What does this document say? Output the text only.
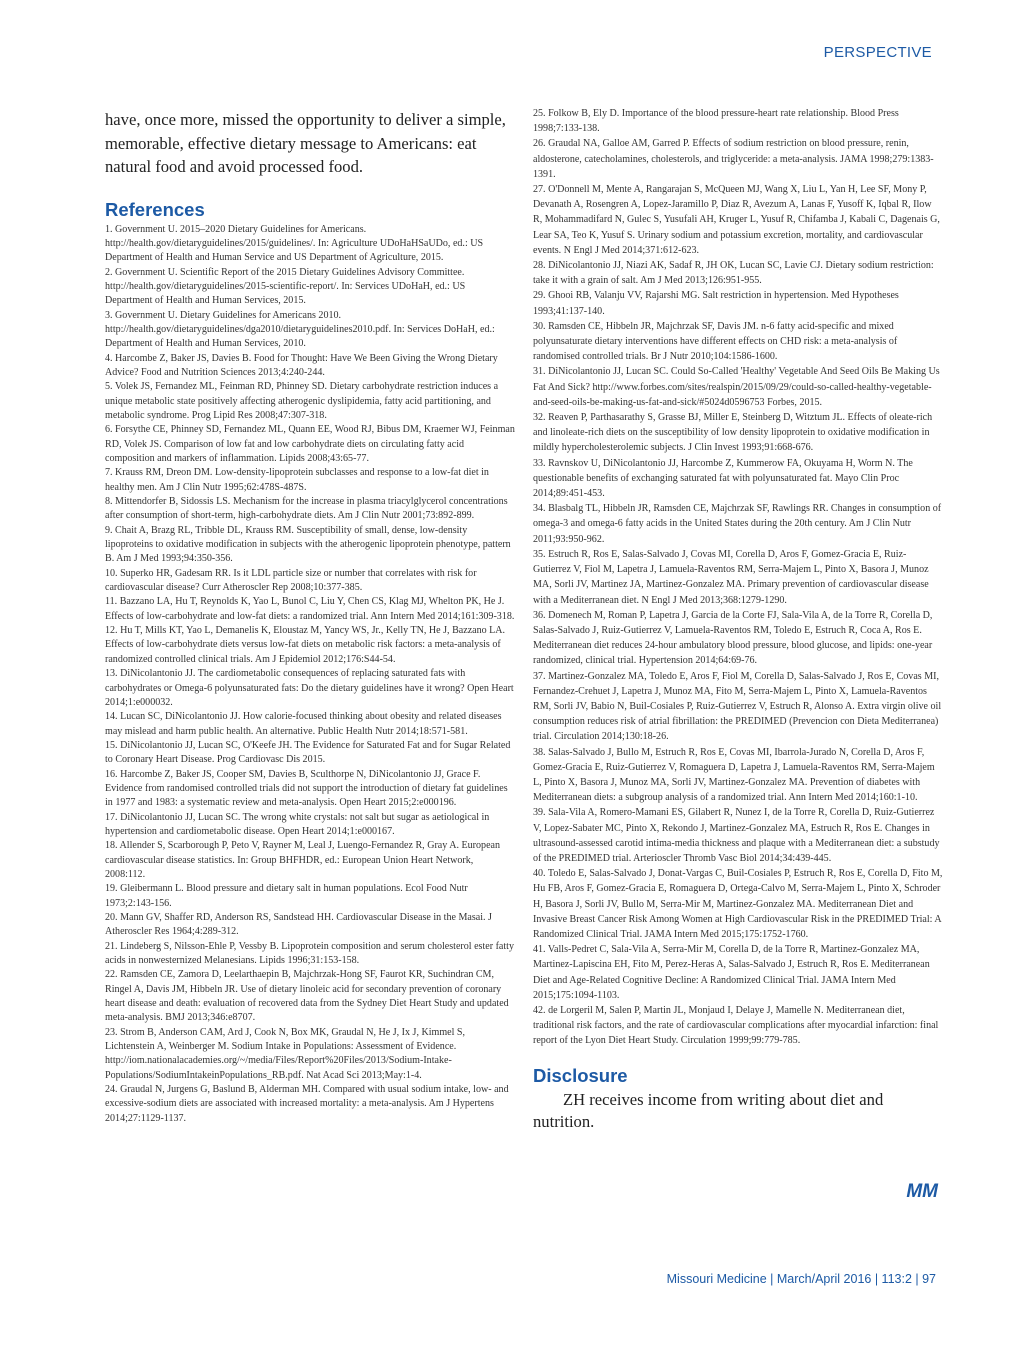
PERSPECTIVE

have, once more, missed the opportunity to deliver a simple, memorable, effective dietary message to Americans: eat natural food and avoid processed food.

References
1. Government U. 2015–2020 Dietary Guidelines for Americans. http://health.gov/dietaryguidelines/2015/guidelines/. In: Agriculture UDoHaHSaUDo, ed.: US Department of Health and Human Service and US Department of Agriculture, 2015.
2. Government U. Scientific Report of the 2015 Dietary Guidelines Advisory Committee. http://health.gov/dietaryguidelines/2015-scientific-report/. In: Services UDoHaH, ed.: US Department of Health and Human Services, 2015.
3. Government U. Dietary Guidelines for Americans 2010. http://health.gov/dietaryguidelines/dga2010/dietaryguidelines2010.pdf. In: Services DoHaH, ed.: Department of Health and Human Services, 2010.
4. Harcombe Z, Baker JS, Davies B. Food for Thought: Have We Been Giving the Wrong Dietary Advice? Food and Nutrition Sciences 2013;4:240-244.
5. Volek JS, Fernandez ML, Feinman RD, Phinney SD. Dietary carbohydrate restriction induces a unique metabolic state positively affecting atherogenic dyslipidemia, fatty acid partitioning, and metabolic syndrome. Prog Lipid Res 2008;47:307-318.
6. Forsythe CE, Phinney SD, Fernandez ML, Quann EE, Wood RJ, Bibus DM, Kraemer WJ, Feinman RD, Volek JS. Comparison of low fat and low carbohydrate diets on circulating fatty acid composition and markers of inflammation. Lipids 2008;43:65-77.
7. Krauss RM, Dreon DM. Low-density-lipoprotein subclasses and response to a low-fat diet in healthy men. Am J Clin Nutr 1995;62:478S-487S.
8. Mittendorfer B, Sidossis LS. Mechanism for the increase in plasma triacylglycerol concentrations after consumption of short-term, high-carbohydrate diets. Am J Clin Nutr 2001;73:892-899.
9. Chait A, Brazg RL, Tribble DL, Krauss RM. Susceptibility of small, dense, low-density lipoproteins to oxidative modification in subjects with the atherogenic lipoprotein phenotype, pattern B. Am J Med 1993;94:350-356.
10. Superko HR, Gadesam RR. Is it LDL particle size or number that correlates with risk for cardiovascular disease? Curr Atheroscler Rep 2008;10:377-385.
11. Bazzano LA, Hu T, Reynolds K, Yao L, Bunol C, Liu Y, Chen CS, Klag MJ, Whelton PK, He J. Effects of low-carbohydrate and low-fat diets: a randomized trial. Ann Intern Med 2014;161:309-318.
12. Hu T, Mills KT, Yao L, Demanelis K, Eloustaz M, Yancy WS, Jr., Kelly TN, He J, Bazzano LA. Effects of low-carbohydrate diets versus low-fat diets on metabolic risk factors: a meta-analysis of randomized controlled clinical trials. Am J Epidemiol 2012;176:S44-54.
13. DiNicolantonio JJ. The cardiometabolic consequences of replacing saturated fats with carbohydrates or Omega-6 polyunsaturated fats: Do the dietary guidelines have it wrong? Open Heart 2014;1:e000032.
14. Lucan SC, DiNicolantonio JJ. How calorie-focused thinking about obesity and related diseases may mislead and harm public health. An alternative. Public Health Nutr 2014;18:571-581.
15. DiNicolantonio JJ, Lucan SC, O'Keefe JH. The Evidence for Saturated Fat and for Sugar Related to Coronary Heart Disease. Prog Cardiovasc Dis 2015.
16. Harcombe Z, Baker JS, Cooper SM, Davies B, Sculthorpe N, DiNicolantonio JJ, Grace F. Evidence from randomised controlled trials did not support the introduction of dietary fat guidelines in 1977 and 1983: a systematic review and meta-analysis. Open Heart 2015;2:e000196.
17. DiNicolantonio JJ, Lucan SC. The wrong white crystals: not salt but sugar as aetiological in hypertension and cardiometabolic disease. Open Heart 2014;1:e000167.
18. Allender S, Scarborough P, Peto V, Rayner M, Leal J, Luengo-Fernandez R, Gray A. European cardiovascular disease statistics. In: Group BHFHDR, ed.: European Union Heart Network, 2008:112.
19. Gleibermann L. Blood pressure and dietary salt in human populations. Ecol Food Nutr 1973;2:143-156.
20. Mann GV, Shaffer RD, Anderson RS, Sandstead HH. Cardiovascular Disease in the Masai. J Atheroscler Res 1964;4:289-312.
21. Lindeberg S, Nilsson-Ehle P, Vessby B. Lipoprotein composition and serum cholesterol ester fatty acids in nonwesternized Melanesians. Lipids 1996;31:153-158.
22. Ramsden CE, Zamora D, Leelarthaepin B, Majchrzak-Hong SF, Faurot KR, Suchindran CM, Ringel A, Davis JM, Hibbeln JR. Use of dietary linoleic acid for secondary prevention of coronary heart disease and death: evaluation of recovered data from the Sydney Diet Heart Study and updated meta-analysis. BMJ 2013;346:e8707.
23. Strom B, Anderson CAM, Ard J, Cook N, Box MK, Graudal N, He J, Ix J, Kimmel S, Lichtenstein A, Weinberger M. Sodium Intake in Populations: Assessment of Evidence. http://iom.nationalacademies.org/~/media/Files/Report%20Files/2013/Sodium-Intake-Populations/SodiumIntakeinPopulations_RB.pdf. Nat Acad Sci 2013;May:1-4.
24. Graudal N, Jurgens G, Baslund B, Alderman MH. Compared with usual sodium intake, low- and excessive-sodium diets are associated with increased mortality: a meta-analysis. Am J Hypertens 2014;27:1129-1137.
25. Folkow B, Ely D. Importance of the blood pressure-heart rate relationship. Blood Press 1998;7:133-138.
26. Graudal NA, Galloe AM, Garred P. Effects of sodium restriction on blood pressure, renin, aldosterone, catecholamines, cholesterols, and triglyceride: a meta-analysis. JAMA 1998;279:1383-1391.
27. O'Donnell M, Mente A, Rangarajan S, McQueen MJ, Wang X, Liu L, Yan H, Lee SF, Mony P, Devanath A, Rosengren A, Lopez-Jaramillo P, Diaz R, Avezum A, Lanas F, Yusoff K, Iqbal R, Ilow R, Mohammadifard N, Gulec S, Yusufali AH, Kruger L, Yusuf R, Chifamba J, Kabali C, Dagenais G, Lear SA, Teo K, Yusuf S. Urinary sodium and potassium excretion, mortality, and cardiovascular events. N Engl J Med 2014;371:612-623.
28. DiNicolantonio JJ, Niazi AK, Sadaf R, JH OK, Lucan SC, Lavie CJ. Dietary sodium restriction: take it with a grain of salt. Am J Med 2013;126:951-955.
29. Ghooi RB, Valanju VV, Rajarshi MG. Salt restriction in hypertension. Med Hypotheses 1993;41:137-140.
30. Ramsden CE, Hibbeln JR, Majchrzak SF, Davis JM. n-6 fatty acid-specific and mixed polyunsaturate dietary interventions have different effects on CHD risk: a meta-analysis of randomised controlled trials. Br J Nutr 2010;104:1586-1600.
31. DiNicolantonio JJ, Lucan SC. Could So-Called 'Healthy' Vegetable And Seed Oils Be Making Us Fat And Sick? http://www.forbes.com/sites/realspin/2015/09/29/could-so-called-healthy-vegetable-and-seed-oils-be-making-us-fat-and-sick/#5024d0596753 Forbes, 2015.
32. Reaven P, Parthasarathy S, Grasse BJ, Miller E, Steinberg D, Witztum JL. Effects of oleate-rich and linoleate-rich diets on the susceptibility of low density lipoprotein to oxidative modification in mildly hypercholesterolemic subjects. J Clin Invest 1993;91:668-676.
33. Ravnskov U, DiNicolantonio JJ, Harcombe Z, Kummerow FA, Okuyama H, Worm N. The questionable benefits of exchanging saturated fat with polyunsaturated fat. Mayo Clin Proc 2014;89:451-453.
34. Blasbalg TL, Hibbeln JR, Ramsden CE, Majchrzak SF, Rawlings RR. Changes in consumption of omega-3 and omega-6 fatty acids in the United States during the 20th century. Am J Clin Nutr 2011;93:950-962.
35. Estruch R, Ros E, Salas-Salvado J, Covas MI, Corella D, Aros F, Gomez-Gracia E, Ruiz-Gutierrez V, Fiol M, Lapetra J, Lamuela-Raventos RM, Serra-Majem L, Pinto X, Basora J, Munoz MA, Sorli JV, Martinez JA, Martinez-Gonzalez MA. Primary prevention of cardiovascular disease with a Mediterranean diet. N Engl J Med 2013;368:1279-1290.
36. Domenech M, Roman P, Lapetra J, Garcia de la Corte FJ, Sala-Vila A, de la Torre R, Corella D, Salas-Salvado J, Ruiz-Gutierrez V, Lamuela-Raventos RM, Toledo E, Estruch R, Coca A, Ros E. Mediterranean diet reduces 24-hour ambulatory blood pressure, blood glucose, and lipids: one-year randomized, clinical trial. Hypertension 2014;64:69-76.
37. Martinez-Gonzalez MA, Toledo E, Aros F, Fiol M, Corella D, Salas-Salvado J, Ros E, Covas MI, Fernandez-Crehuet J, Lapetra J, Munoz MA, Fito M, Serra-Majem L, Pinto X, Lamuela-Raventos RM, Sorli JV, Babio N, Buil-Cosiales P, Ruiz-Gutierrez V, Estruch R, Alonso A. Extra virgin olive oil consumption reduces risk of atrial fibrillation: the PREDIMED (Prevencion con Dieta Mediterranea) trial. Circulation 2014;130:18-26.
38. Salas-Salvado J, Bullo M, Estruch R, Ros E, Covas MI, Ibarrola-Jurado N, Corella D, Aros F, Gomez-Gracia E, Ruiz-Gutierrez V, Romaguera D, Lapetra J, Lamuela-Raventos RM, Serra-Majem L, Pinto X, Basora J, Munoz MA, Sorli JV, Martinez-Gonzalez MA. Prevention of diabetes with Mediterranean diets: a subgroup analysis of a randomized trial. Ann Intern Med 2014;160:1-10.
39. Sala-Vila A, Romero-Mamani ES, Gilabert R, Nunez I, de la Torre R, Corella D, Ruiz-Gutierrez V, Lopez-Sabater MC, Pinto X, Rekondo J, Martinez-Gonzalez MA, Estruch R, Ros E. Changes in ultrasound-assessed carotid intima-media thickness and plaque with a Mediterranean diet: a substudy of the PREDIMED trial. Arterioscler Thromb Vasc Biol 2014;34:439-445.
40. Toledo E, Salas-Salvado J, Donat-Vargas C, Buil-Cosiales P, Estruch R, Ros E, Corella D, Fito M, Hu FB, Aros F, Gomez-Gracia E, Romaguera D, Ortega-Calvo M, Serra-Majem L, Pinto X, Schroder H, Basora J, Sorli JV, Bullo M, Serra-Mir M, Martinez-Gonzalez MA. Mediterranean Diet and Invasive Breast Cancer Risk Among Women at High Cardiovascular Risk in the PREDIMED Trial: A Randomized Clinical Trial. JAMA Intern Med 2015;175:1752-1760.
41. Valls-Pedret C, Sala-Vila A, Serra-Mir M, Corella D, de la Torre R, Martinez-Gonzalez MA, Martinez-Lapiscina EH, Fito M, Perez-Heras A, Salas-Salvado J, Estruch R, Ros E. Mediterranean Diet and Age-Related Cognitive Decline: A Randomized Clinical Trial. JAMA Intern Med 2015;175:1094-1103.
42. de Lorgeril M, Salen P, Martin JL, Monjaud I, Delaye J, Mamelle N. Mediterranean diet, traditional risk factors, and the rate of cardiovascular complications after myocardial infarction: final report of the Lyon Diet Heart Study. Circulation 1999;99:779-785.
Disclosure

ZH receives income from writing about diet and nutrition.

MM
Missouri Medicine | March/April 2016 | 113:2 | 97
